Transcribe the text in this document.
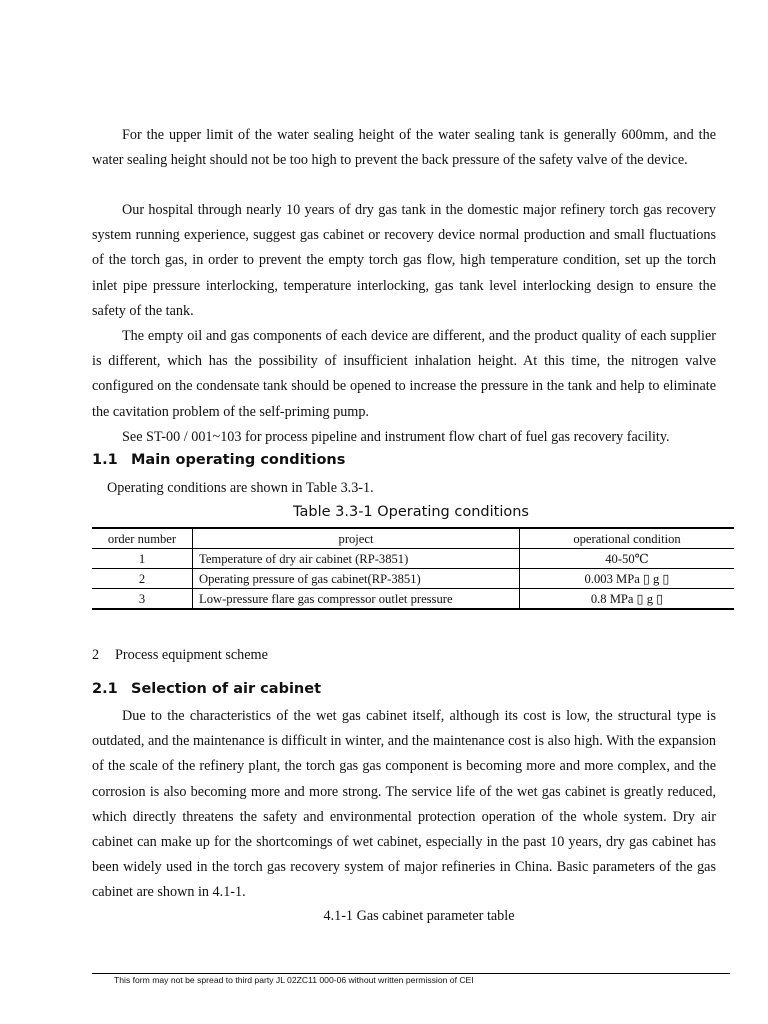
For the upper limit of the water sealing height of the water sealing tank is generally 600mm, and the water sealing height should not be too high to prevent the back pressure of the safety valve of the device.

Our hospital through nearly 10 years of dry gas tank in the domestic major refinery torch gas recovery system running experience, suggest gas cabinet or recovery device normal production and small fluctuations of the torch gas, in order to prevent the empty torch gas flow, high temperature condition, set up the torch inlet pipe pressure interlocking, temperature interlocking, gas tank level interlocking design to ensure the safety of the tank.

The empty oil and gas components of each device are different, and the product quality of each supplier is different, which has the possibility of insufficient inhalation height. At this time, the nitrogen valve configured on the condensate tank should be opened to increase the pressure in the tank and help to eliminate the cavitation problem of the self-priming pump.

See ST-00 / 001~103 for process pipeline and instrument flow chart of fuel gas recovery facility.

1.1 Main operating conditions

Operating conditions are shown in Table 3.3-1.

Table 3.3-1 Operating conditions

order number	project	operational condition
1	Temperature of dry air cabinet (RP-3851)	40-50℃
2	Operating pressure of gas cabinet(RP-3851)	0.003 MPa ▯ g ▯
3	Low-pressure flare gas compressor outlet pressure	0.8 MPa ▯ g ▯

2 Process equipment scheme

2.1 Selection of air cabinet

Due to the characteristics of the wet gas cabinet itself, although its cost is low, the structural type is outdated, and the maintenance is difficult in winter, and the maintenance cost is also high. With the expansion of the scale of the refinery plant, the torch gas gas component is becoming more and more complex, and the corrosion is also becoming more and more strong. The service life of the wet gas cabinet is greatly reduced, which directly threatens the safety and environmental protection operation of the whole system. Dry air cabinet can make up for the shortcomings of wet cabinet, especially in the past 10 years, dry gas cabinet has been widely used in the torch gas recovery system of major refineries in China. Basic parameters of the gas cabinet are shown in 4.1-1.

4.1-1 Gas cabinet parameter table

This form may not be spread to third party JL 02ZC11 000-06 without written permission of CEI
